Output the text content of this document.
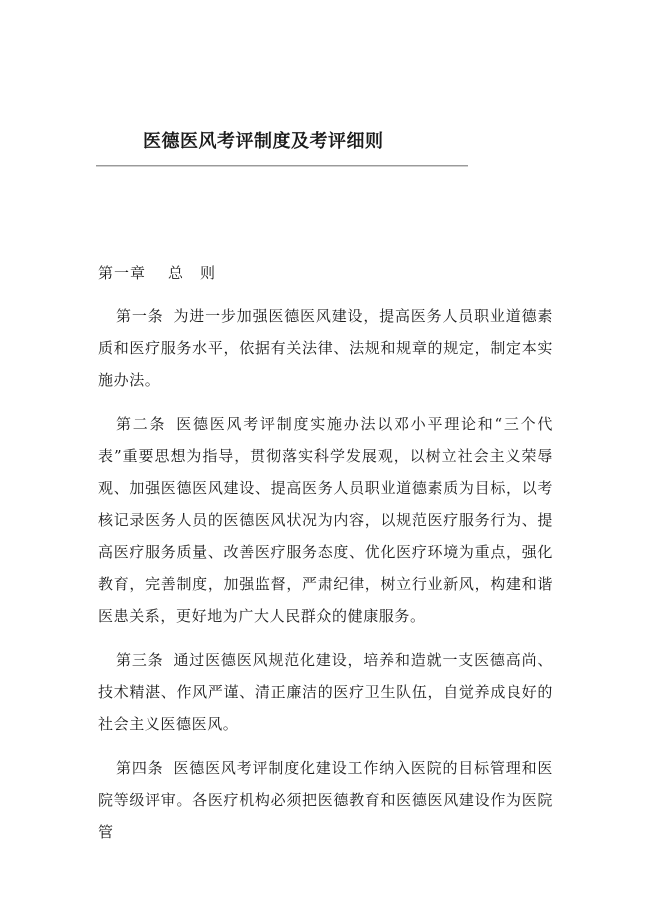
医德医风考评制度及考评细则

第一章 总　则

第一条 为进一步加强医德医风建设，提高医务人员职业道德素质和医疗服务水平，依据有关法律、法规和规章的规定，制定本实施办法。

第二条 医德医风考评制度实施办法以邓小平理论和“三个代表”重要思想为指导，贯彻落实科学发展观，以树立社会主义荣辱观、加强医德医风建设、提高医务人员职业道德素质为目标，以考核记录医务人员的医德医风状况为内容，以规范医疗服务行为、提高医疗服务质量、改善医疗服务态度、优化医疗环境为重点，强化教育，完善制度，加强监督，严肃纪律，树立行业新风，构建和谐医患关系，更好地为广大人民群众的健康服务。

第三条 通过医德医风规范化建设，培养和造就一支医德高尚、技术精湛、作风严谨、清正廉洁的医疗卫生队伍，自觉养成良好的社会主义医德医风。

第四条 医德医风考评制度化建设工作纳入医院的目标管理和医院等级评审。各医疗机构必须把医德教育和医德医风建设作为医院管
